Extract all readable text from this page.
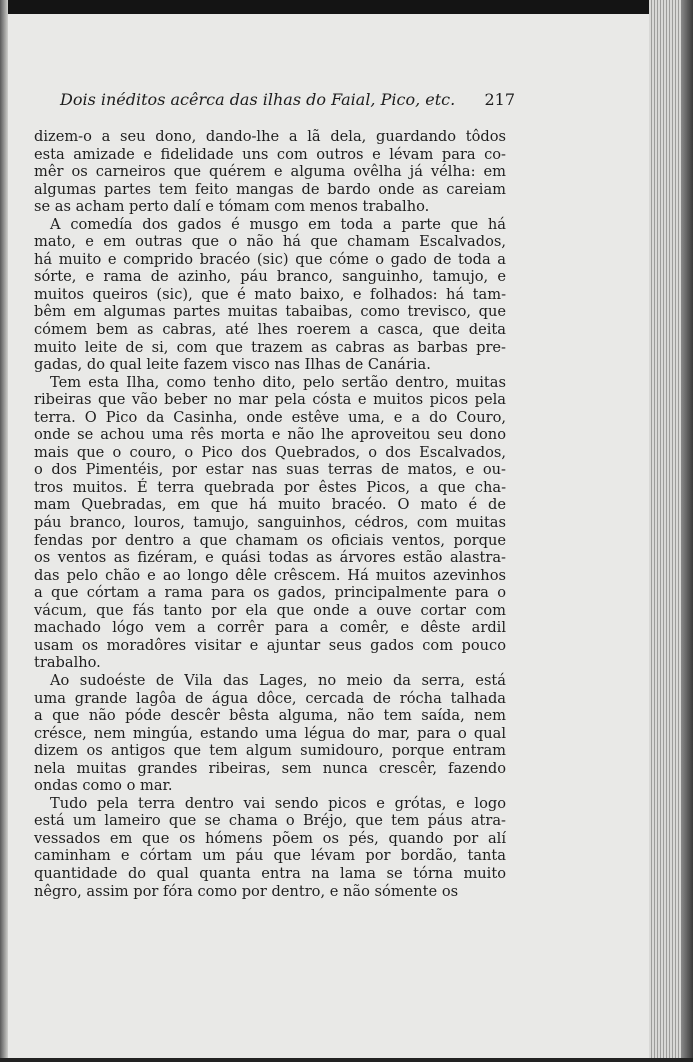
Dois inéditos acêrca das ilhas do Faial, Pico, etc. 217

dizem-o a seu dono, dando-lhe a lã dela, guardando tôdos
esta amizade e fidelidade uns com outros e lévam para co-
mêr os carneiros que quérem e alguma ovêlha já vélha: em
algumas partes tem feito mangas de bardo onde as careiam
se as acham perto dalí e tómam com menos trabalho.

A comedía dos gados é musgo em toda a parte que há
mato, e em outras que o não há que chamam Escalvados,
há muito e comprido bracéo (sic) que cóme o gado de toda a
sórte, e rama de azinho, páu branco, sanguinho, tamujo, e
muitos queiros (sic), que é mato baixo, e folhados: há tam-
bêm em algumas partes muitas tabaibas, como trevisco, que
cómem bem as cabras, até lhes roerem a casca, que deita
muito leite de si, com que trazem as cabras as barbas pre-
gadas, do qual leite fazem visco nas Ilhas de Canária.

Tem esta Ilha, como tenho dito, pelo sertão dentro, muitas
ribeiras que vão beber no mar pela cósta e muitos picos pela
terra. O Pico da Casinha, onde estêve uma, e a do Couro,
onde se achou uma rês morta e não lhe aproveitou seu dono
mais que o couro, o Pico dos Quebrados, o dos Escalvados,
o dos Pimentéis, por estar nas suas terras de matos, e ou-
tros muitos. É terra quebrada por êstes Picos, a que cha-
mam Quebradas, em que há muito bracéo. O mato é de
páu branco, louros, tamujo, sanguinhos, cédros, com muitas
fendas por dentro a que chamam os oficiais ventos, porque
os ventos as fizéram, e quási todas as árvores estão alastra-
das pelo chão e ao longo dêle crêscem. Há muitos azevinhos
a que córtam a rama para os gados, principalmente para o
vácum, que fás tanto por ela que onde a ouve cortar com
machado lógo vem a corrêr para a comêr, e dêste ardil
usam os moradôres visitar e ajuntar seus gados com pouco
trabalho.

Ao sudoéste de Vila das Lages, no meio da serra, está
uma grande lagôa de água dôce, cercada de rócha talhada
a que não póde descêr bêsta alguma, não tem saída, nem
crésce, nem mingúa, estando uma légua do mar, para o qual
dizem os antigos que tem algum sumidouro, porque entram
nela muitas grandes ribeiras, sem nunca crescêr, fazendo
ondas como o mar.

Tudo pela terra dentro vai sendo picos e grótas, e logo
está um lameiro que se chama o Bréjo, que tem páus atra-
vessados em que os hómens põem os pés, quando por alí
caminham e córtam um páu que lévam por bordão, tanta
quantidade do qual quanta entra na lama se tórna muito
nêgro, assim por fóra como por dentro, e não sómente os
